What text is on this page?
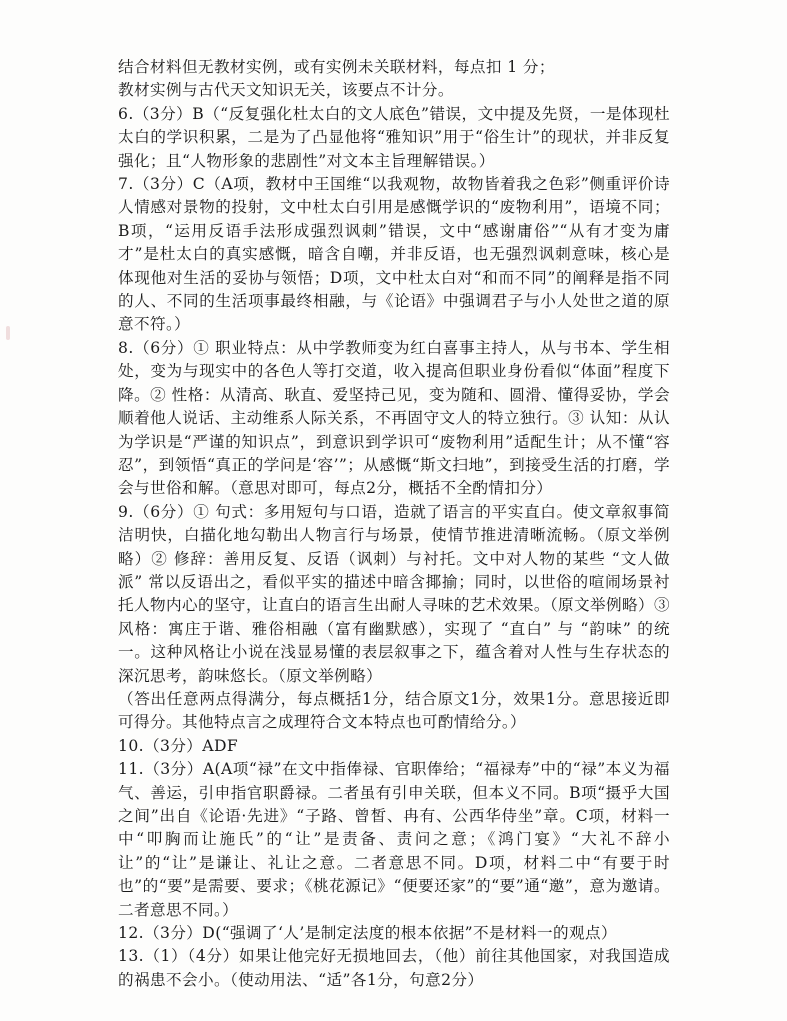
结合材料但无教材实例，或有实例未关联材料，每点扣 1 分；

教材实例与古代天文知识无关，该要点不计分。

6.（3分）B（“反复强化杜太白的文人底色”错误，文中提及先贤，一是体现杜太白的学识积累，二是为了凸显他将“雅知识”用于“俗生计”的现状，并非反复强化；且“人物形象的悲剧性”对文本主旨理解错误。）

7.（3分）C（A项，教材中王国维“以我观物，故物皆着我之色彩”侧重评价诗人情感对景物的投射，文中杜太白引用是感慨学识的“废物利用”，语境不同；B项，“运用反语手法形成强烈讽刺”错误，文中“感谢庸俗”“从有才变为庸才”是杜太白的真实感慨，暗含自嘲，并非反语，也无强烈讽刺意味，核心是体现他对生活的妥协与领悟；D项，文中杜太白对“和而不同”的阐释是指不同的人、不同的生活项事最终相融，与《论语》中强调君子与小人处世之道的原意不符。）

8.（6分）① 职业特点：从中学教师变为红白喜事主持人，从与书本、学生相处，变为与现实中的各色人等打交道，收入提高但职业身份看似“体面”程度下降。② 性格：从清高、耿直、爱坚持己见，变为随和、圆滑、懂得妥协，学会顺着他人说话、主动维系人际关系，不再固守文人的特立独行。③ 认知：从认为学识是“严谨的知识点”，到意识到学识可“废物利用”适配生计；从不懂“容忍”，到领悟“真正的学问是‘容’”；从感慨“斯文扫地”，到接受生活的打磨，学会与世俗和解。（意思对即可，每点2分，概括不全酌情扣分）

9.（6分）① 句式：多用短句与口语，造就了语言的平实直白。使文章叙事简洁明快，白描化地勾勒出人物言行与场景，使情节推进清晰流畅。（原文举例略）② 修辞：善用反复、反语（讽刺）与衬托。文中对人物的某些 “文人做派” 常以反语出之，看似平实的描述中暗含揶揄；同时，以世俗的喧闹场景衬托人物内心的坚守，让直白的语言生出耐人寻味的艺术效果。（原文举例略）③ 风格：寓庄于谐、雅俗相融（富有幽默感），实现了 “直白” 与 “韵味” 的统一。这种风格让小说在浅显易懂的表层叙事之下，蕴含着对人性与生存状态的深沉思考，韵味悠长。（原文举例略）

（答出任意两点得满分，每点概括1分，结合原文1分，效果1分。意思接近即可得分。其他特点言之成理符合文本特点也可酌情给分。）

10.（3分）ADF

11.（3分）A(A项“禄”在文中指俸禄、官职俸给；“福禄寿”中的“禄”本义为福气、善运，引申指官职爵禄。二者虽有引申关联，但本义不同。B项“摄乎大国之间”出自《论语·先进》“子路、曾皙、冉有、公西华侍坐”章。C项，材料一中“叩胸而让施氏”的“让”是责备、责问之意；《鸿门宴》“大礼不辞小让”的“让”是谦让、礼让之意。二者意思不同。D项，材料二中“有要于时也”的“要”是需要、要求；《桃花源记》“便要还家”的“要”通“邀”，意为邀请。二者意思不同。）

12.（3分）D(“强调了‘人’是制定法度的根本依据”不是材料一的观点）

13.（1）（4分）如果让他完好无损地回去，（他）前往其他国家，对我国造成的祸患不会小。（使动用法、“适”各1分，句意2分）
